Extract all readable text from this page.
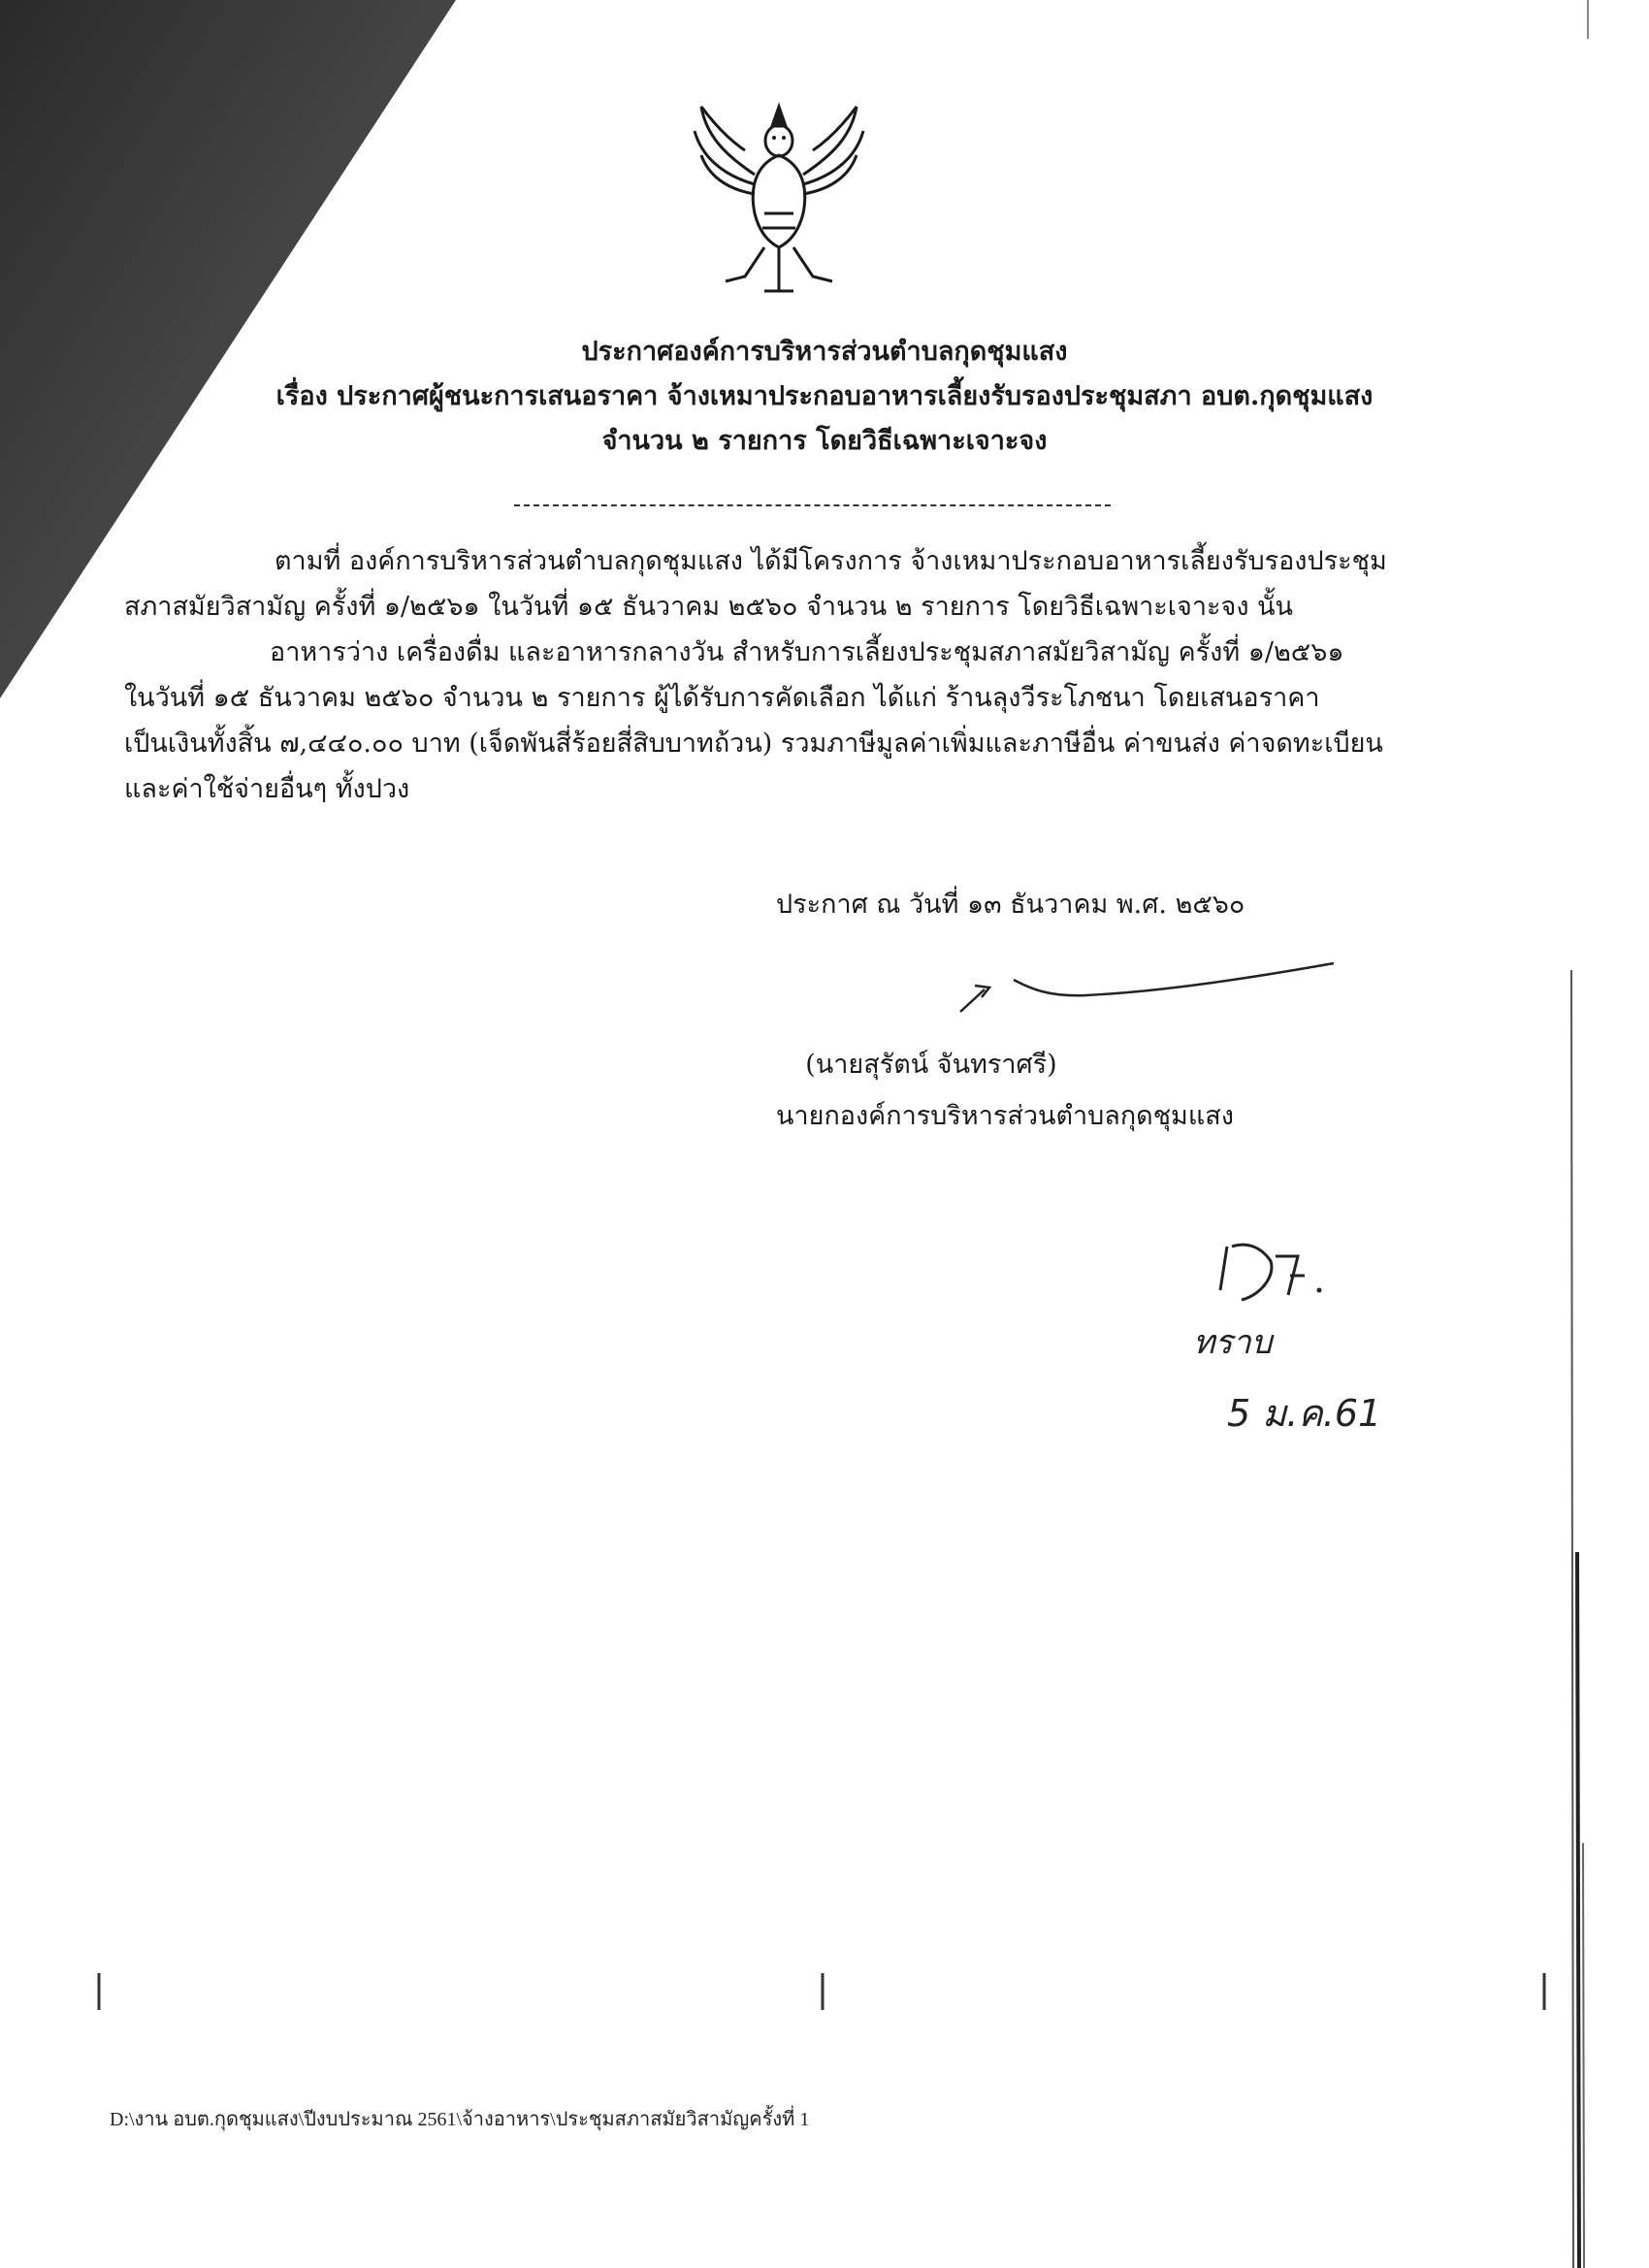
ประกาศองค์การบริหารส่วนตำบลกุดชุมแสง
เรื่อง ประกาศผู้ชนะการเสนอราคา จ้างเหมาประกอบอาหารเลี้ยงรับรองประชุมสภา อบต.กุดชุมแสง
จำนวน ๒ รายการ โดยวิธีเฉพาะเจาะจง

ตามที่ องค์การบริหารส่วนตำบลกุดชุมแสง ได้มีโครงการ จ้างเหมาประกอบอาหารเลี้ยงรับรองประชุม

สภาสมัยวิสามัญ ครั้งที่ ๑/๒๕๖๑ ในวันที่ ๑๕ ธันวาคม ๒๕๖๐ จำนวน ๒ รายการ โดยวิธีเฉพาะเจาะจง นั้น

อาหารว่าง เครื่องดื่ม และอาหารกลางวัน สำหรับการเลี้ยงประชุมสภาสมัยวิสามัญ ครั้งที่ ๑/๒๕๖๑

ในวันที่ ๑๕ ธันวาคม ๒๕๖๐ จำนวน ๒ รายการ ผู้ได้รับการคัดเลือก ได้แก่ ร้านลุงวีระโภชนา โดยเสนอราคา

เป็นเงินทั้งสิ้น ๗,๔๔๐.๐๐ บาท (เจ็ดพันสี่ร้อยสี่สิบบาทถ้วน) รวมภาษีมูลค่าเพิ่มและภาษีอื่น ค่าขนส่ง ค่าจดทะเบียน

และค่าใช้จ่ายอื่นๆ ทั้งปวง

ประกาศ ณ วันที่ ๑๓ ธันวาคม พ.ศ. ๒๕๖๐
(นายสุรัตน์ จันทราศรี)
นายกองค์การบริหารส่วนตำบลกุดชุมแสง
ทราบ
5 ม.ค.61
D:\งาน อบต.กุดชุมแสง\ปีงบประมาณ 2561\จ้างอาหาร\ประชุมสภาสมัยวิสามัญครั้งที่ 1
